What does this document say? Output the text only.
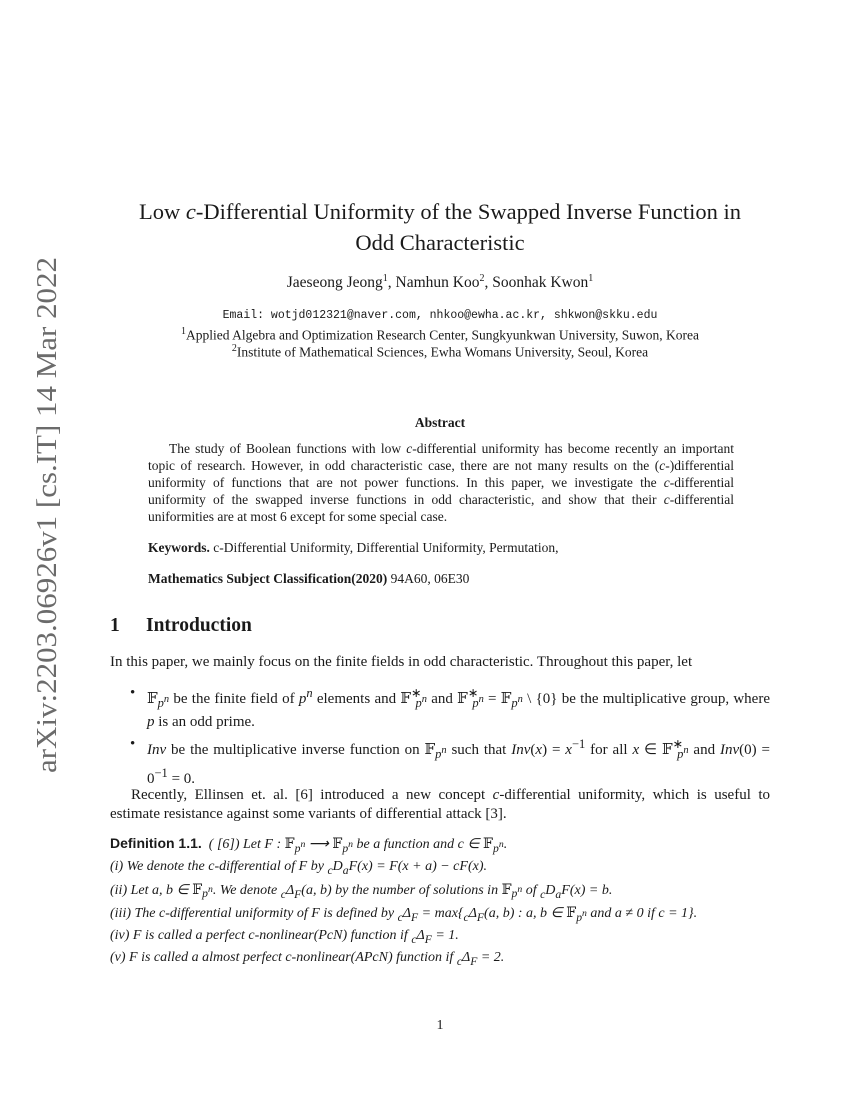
arXiv:2203.06926v1 [cs.IT] 14 Mar 2022
Low c-Differential Uniformity of the Swapped Inverse Function in
Odd Characteristic
Jaeseong Jeong$^1$, Namhun Koo$^2$, Soonhak Kwon$^1$
Email: wotjd012321@naver.com, nhkoo@ewha.ac.kr, shkwon@skku.edu
$^1$Applied Algebra and Optimization Research Center, Sungkyunkwan University, Suwon, Korea
$^2$Institute of Mathematical Sciences, Ewha Womans University, Seoul, Korea
Abstract

The study of Boolean functions with low c-differential uniformity has become recently an important topic of research. However, in odd characteristic case, there are not many results on the (c-)differential uniformity of functions that are not power functions. In this paper, we investigate the c-differential uniformity of the swapped inverse functions in odd characteristic, and show that their c-differential uniformities are at most 6 except for some special case.

Keywords. c-Differential Uniformity, Differential Uniformity, Permutation,
Mathematics Subject Classification(2020) 94A60, 06E30
1 Introduction

In this paper, we mainly focus on the finite fields in odd characteristic. Throughout this paper, let

• 𝔽$_{p^n}$ be the finite field of $p^n$ elements and 𝔽∗$_{p^n}$ and 𝔽∗$_{p^n}$ = 𝔽$_{p^n}$ \ {0} be the multiplicative group, where p is an odd prime.
• Inv be the multiplicative inverse function on 𝔽$_{p^n}$ such that $Inv(x) = x^{-1}$ for all x ∈ 𝔽∗$_{p^n}$ and $Inv(0) = 0^{-1} = 0$.

Recently, Ellinsen et. al. [6] introduced a new concept c-differential uniformity, which is useful to estimate resistance against some variants of differential attack [3].

Definition 1.1.  ( [6]) Let F : 𝔽$_{p^n}$ ⟶ 𝔽$_{p^n}$ be a function and c ∈ 𝔽$_{p^n}$.
(i) We denote the c-differential of F by $_cD_aF(x) = F(x + a) - cF(x)$.
(ii) Let a, b ∈ 𝔽$_{p^n}$. We denote $_c\Delta_F(a$, b) by the number of solutions in 𝔽$_{p^n}$ of $_cD_aF(x) = b$.
(iii) The c-differential uniformity of F is defined by $_c\Delta_F = \max\{_c\Delta_F(a$, b) : a, b ∈ 𝔽$_{p^n}$ and a ≠ 0 if c = 1}.
(iv) F is called a perfect c-nonlinear(PcN) function if $_c\Delta_F = 1$.
(v) F is called a almost perfect c-nonlinear(APcN) function if $_c\Delta_F = 2$.
1
